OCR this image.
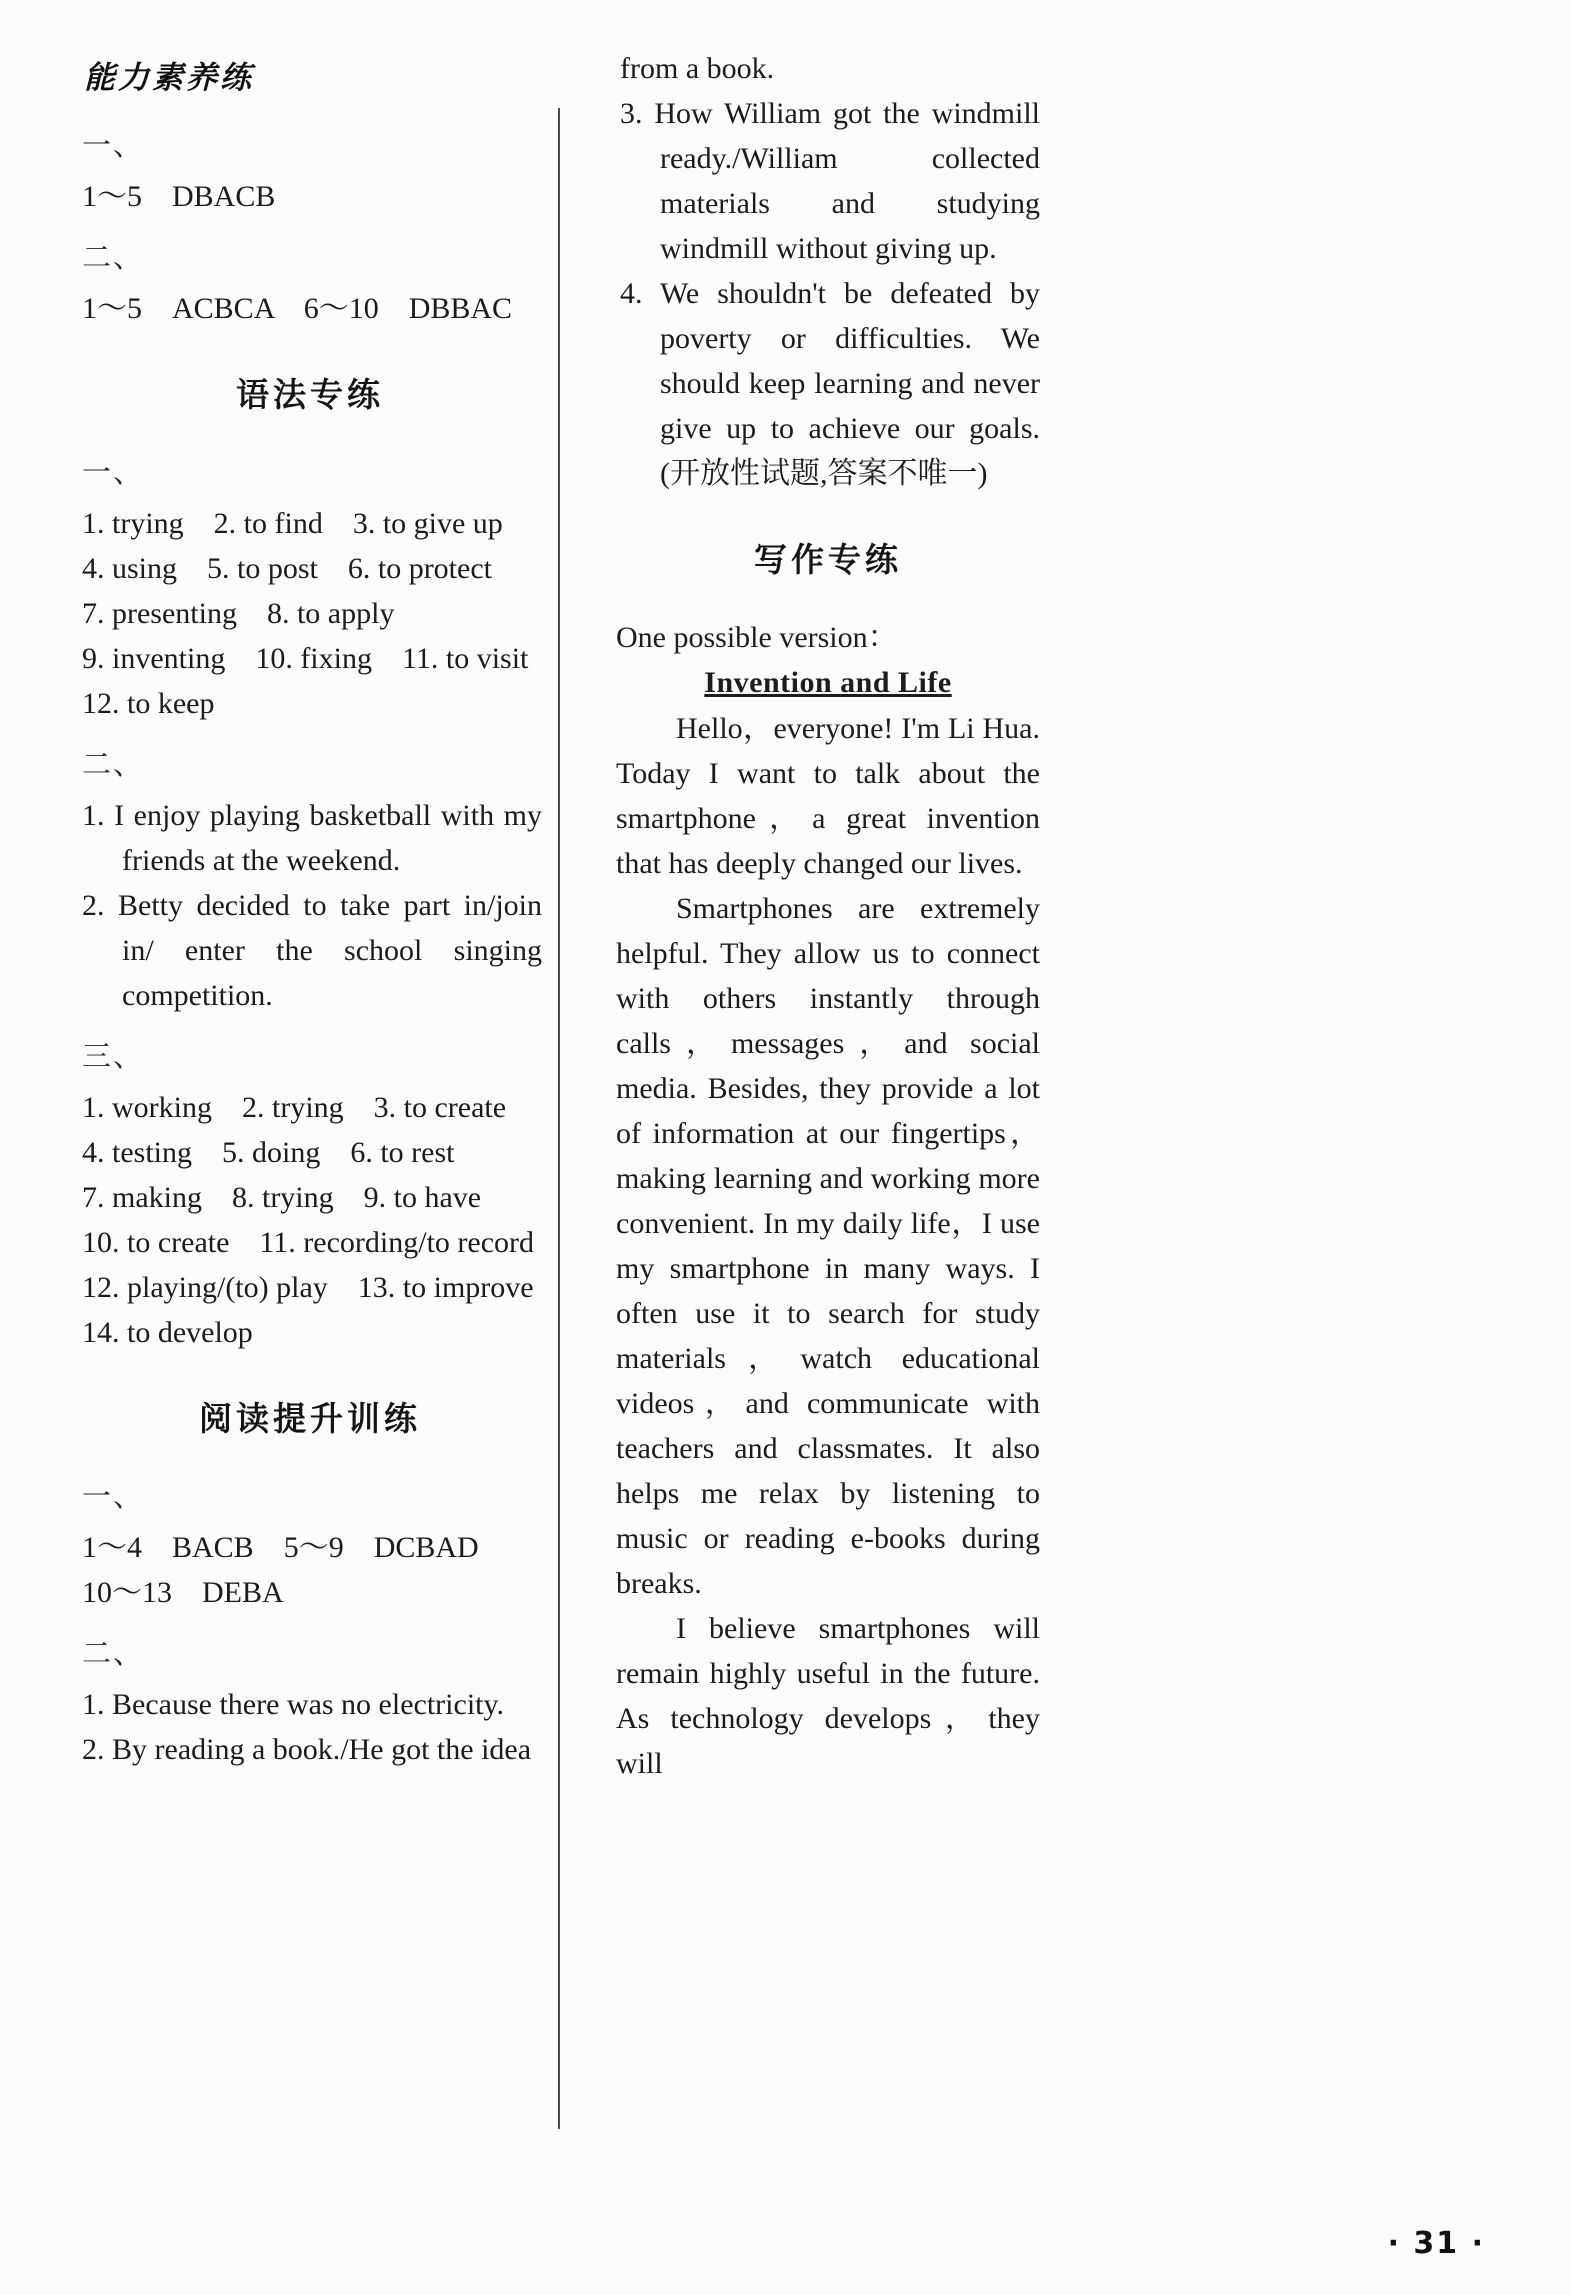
能力素养练
一、
1～5　DBACB
二、
1～5　ACBCA　6～10　DBBAC
语法专练
一、
1. trying　2. to find　3. to give up
4. using　5. to post　6. to protect
7. presenting　8. to apply
9. inventing　10. fixing　11. to visit
12. to keep
二、
1. I enjoy playing basketball with my friends at the weekend.
2. Betty decided to take part in/join in/ enter the school singing competition.
三、
1. working　2. trying　3. to create
4. testing　5. doing　6. to rest
7. making　8. trying　9. to have
10. to create　11. recording/to record
12. playing/(to) play　13. to improve
14. to develop
阅读提升训练
一、
1～4　BACB　5～9　DCBAD
10～13　DEBA
二、
1. Because there was no electricity.
2. By reading a book./He got the idea
from a book.
3. How William got the windmill ready./William collected materials and studying windmill without giving up.
4. We shouldn't be defeated by poverty or difficulties. We should keep learning and never give up to achieve our goals.(开放性试题,答案不唯一)
写作专练
One possible version：
Invention and Life
Hello，everyone! I'm Li Hua. Today I want to talk about the smartphone，a great invention that has deeply changed our lives.
Smartphones are extremely helpful. They allow us to connect with others instantly through calls，messages，and social media. Besides, they provide a lot of information at our fingertips，making learning and working more convenient. In my daily life，I use my smartphone in many ways. I often use it to search for study materials，watch educational videos，and communicate with teachers and classmates. It also helps me relax by listening to music or reading e-books during breaks.
I believe smartphones will remain highly useful in the future. As technology develops，they will
· 31 ·
